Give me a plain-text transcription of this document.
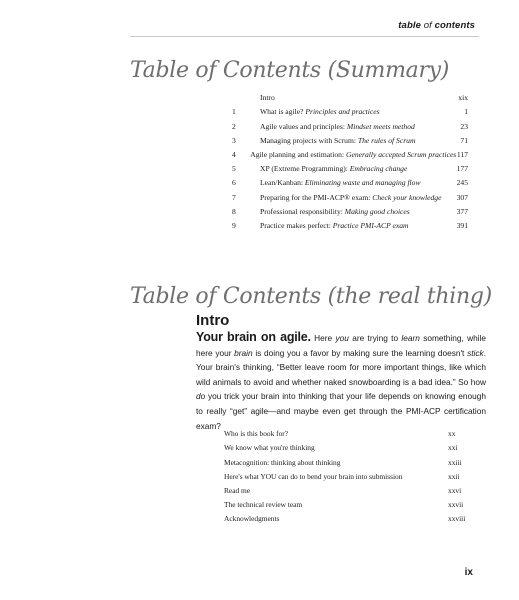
table of contents
Table of Contents (Summary)
Intro	xix
1	What is agile? Principles and practices	1
2	Agile values and principles: Mindset meets method	23
3	Managing projects with Scrum: The rules of Scrum	71
4	Agile planning and estimation: Generally accepted Scrum practices 117
5	XP (Extreme Programming): Embracing change	177
6	Lean/Kanban: Eliminating waste and managing flow	245
7	Preparing for the PMI-ACP® exam: Check your knowledge	307
8	Professional responsibility: Making good choices	377
9	Practice makes perfect: Practice PMI-ACP exam	391
Table of Contents (the real thing)
Intro

Your brain on agile. Here you are trying to learn something, while here your brain is doing you a favor by making sure the learning doesn't stick. Your brain's thinking, “Better leave room for more important things, like which wild animals to avoid and whether naked snowboarding is a bad idea.” So how do you trick your brain into thinking that your life depends on knowing enough to really “get” agile—and maybe even get through the PMI-ACP certification exam?

Who is this book for?	xx
We know what you're thinking	xxi
Metacognition: thinking about thinking	xxiii
Here's what YOU can do to bend your brain into submission	xxii
Read me	xxvi
The technical review team	xxvii
Acknowledgments	xxviii
ix
